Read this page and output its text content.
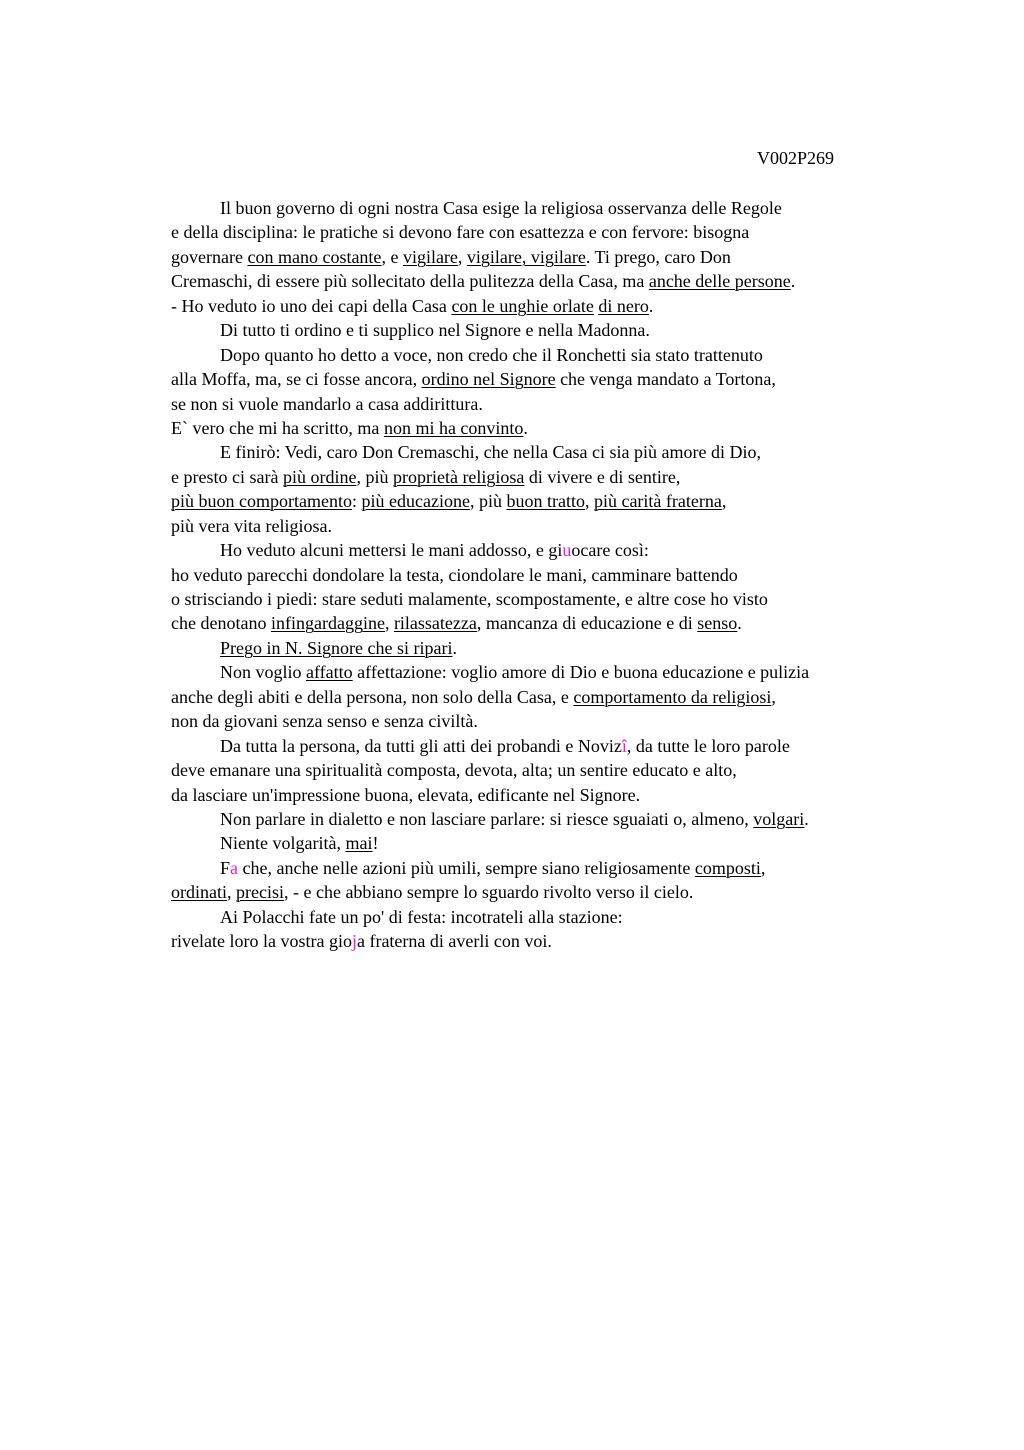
V002P269
Il buon governo di ogni nostra Casa esige la religiosa osservanza delle Regole
e della disciplina: le pratiche si devono fare con esattezza e con fervore: bisogna
governare con mano costante, e vigilare, vigilare, vigilare. Ti prego, caro Don
Cremaschi, di essere più sollecitato della pulitezza della Casa, ma anche delle persone.
- Ho veduto io uno dei capi della Casa con le unghie orlate di nero.
Di tutto ti ordino e ti supplico nel Signore e nella Madonna.
Dopo quanto ho detto a voce, non credo che il Ronchetti sia stato trattenuto
alla Moffa, ma, se ci fosse ancora, ordino nel Signore che venga mandato a Tortona,
se non si vuole mandarlo a casa addirittura.
E` vero che mi ha scritto, ma non mi ha convinto.
E finirò: Vedi, caro Don Cremaschi, che nella Casa ci sia più amore di Dio,
e presto ci sarà più ordine, più proprietà religiosa di vivere e di sentire,
più buon comportamento: più educazione, più buon tratto, più carità fraterna,
più vera vita religiosa.
Ho veduto alcuni mettersi le mani addosso, e giuocare così:
ho veduto parecchi dondolare la testa, ciondolare le mani, camminare battendo
o strisciando i piedi: stare seduti malamente, scompostamente, e altre cose ho visto
che denotano infingardaggine, rilassatezza, mancanza di educazione e di senso.
Prego in N. Signore che si ripari.
Non voglio affatto affettazione: voglio amore di Dio e buona educazione e pulizia
anche degli abiti e della persona, non solo della Casa, e comportamento da religiosi,
non da giovani senza senso e senza civiltà.
Da tutta la persona, da tutti gli atti dei probandi e Novizî, da tutte le loro parole
deve emanare una spiritualità composta, devota, alta; un sentire educato e alto,
da lasciare un'impressione buona, elevata, edificante nel Signore.
Non parlare in dialetto e non lasciare parlare: si riesce sguaiati o, almeno, volgari.
Niente volgarità, mai!
Fa che, anche nelle azioni più umili, sempre siano religiosamente composti,
ordinati, precisi, - e che abbiano sempre lo sguardo rivolto verso il cielo.
Ai Polacchi fate un po' di festa: incotrateli alla stazione:
rivelate loro la vostra gioja fraterna di averli con voi.
